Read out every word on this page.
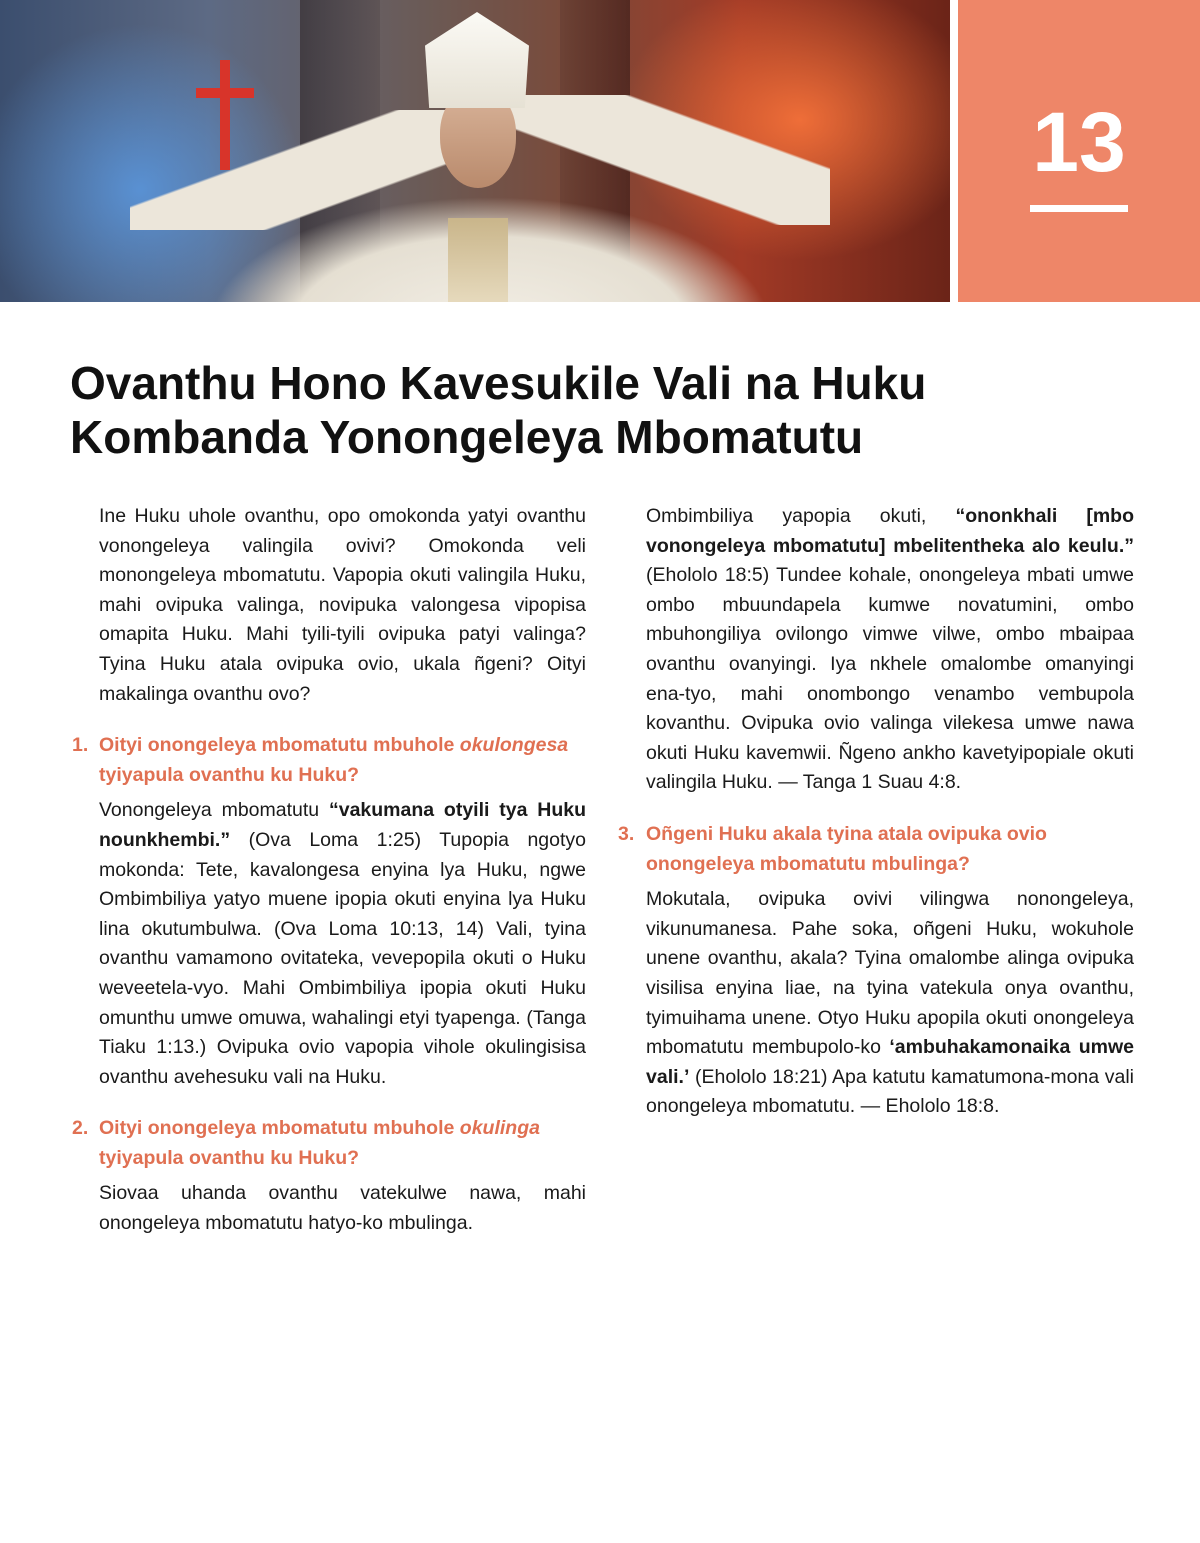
13
Ovanthu Hono Kavesukile Vali na Huku Kombanda Yonongeleya Mbomatutu

Ine Huku uhole ovanthu, opo omokonda yatyi ovanthu vonongeleya valingila ovivi? Omokonda veli monongeleya mbomatutu. Vapopia okuti valingila Huku, mahi ovipuka valinga, novipuka valongesa vipopisa omapita Huku. Mahi tyili-tyili ovipuka patyi valinga? Tyina Huku atala ovipuka ovio, ukala ñgeni? Oityi makalinga ovanthu ovo?

1. Oityi onongeleya mbomatutu mbuhole okulongesa tyiyapula ovanthu ku Huku?

Vonongeleya mbomatutu “vakumana otyili tya Huku nounkhembi.” (Ova Loma 1:25) Tupopia ngotyo mokonda: Tete, kavalongesa enyina lya Huku, ngwe Ombimbiliya yatyo muene ipopia okuti enyina lya Huku lina okutumbulwa. (Ova Loma 10:13, 14) Vali, tyina ovanthu vamamono ovitateka, vevepopila okuti o Huku weveetela-vyo. Mahi Ombimbiliya ipopia okuti Huku omunthu umwe omuwa, wahalingi etyi tyapenga. (Tanga Tiaku 1:13.) Ovipuka ovio vapopia vihole okulingisisa ovanthu avehesuku vali na Huku.

2. Oityi onongeleya mbomatutu mbuhole okulinga tyiyapula ovanthu ku Huku?

Siovaa uhanda ovanthu vatekulwe nawa, mahi onongeleya mbomatutu hatyo-ko mbulinga.

Ombimbiliya yapopia okuti, “ononkhali [mbo vonongeleya mbomatutu] mbelitentheka alo keulu.” (Ehololo 18:5) Tundee kohale, onongeleya mbati umwe ombo mbuundapela kumwe novatumini, ombo mbuhongiliya ovilongo vimwe vilwe, ombo mbaipaa ovanthu ovanyingi. Iya nkhele omalombe omanyingi ena-tyo, mahi onombongo venambo vembupola kovanthu. Ovipuka ovio valinga vilekesa umwe nawa okuti Huku kavemwii. Ñgeno ankho kavetyipopiale okuti valingila Huku. — Tanga 1 Suau 4:8.

3. Oñgeni Huku akala tyina atala ovipuka ovio onongeleya mbomatutu mbulinga?

Mokutala, ovipuka ovivi vilingwa nonongeleya, vikunumanesa. Pahe soka, oñgeni Huku, wokuhole unene ovanthu, akala? Tyina omalombe alinga ovipuka visilisa enyina liae, na tyina vatekula onya ovanthu, tyimuihama unene. Otyo Huku apopila okuti onongeleya mbomatutu membupolo-ko ‘ambuhakamonaika umwe vali.’ (Ehololo 18:21) Apa katutu kamatumona-mona vali onongeleya mbomatutu. — Ehololo 18:8.
